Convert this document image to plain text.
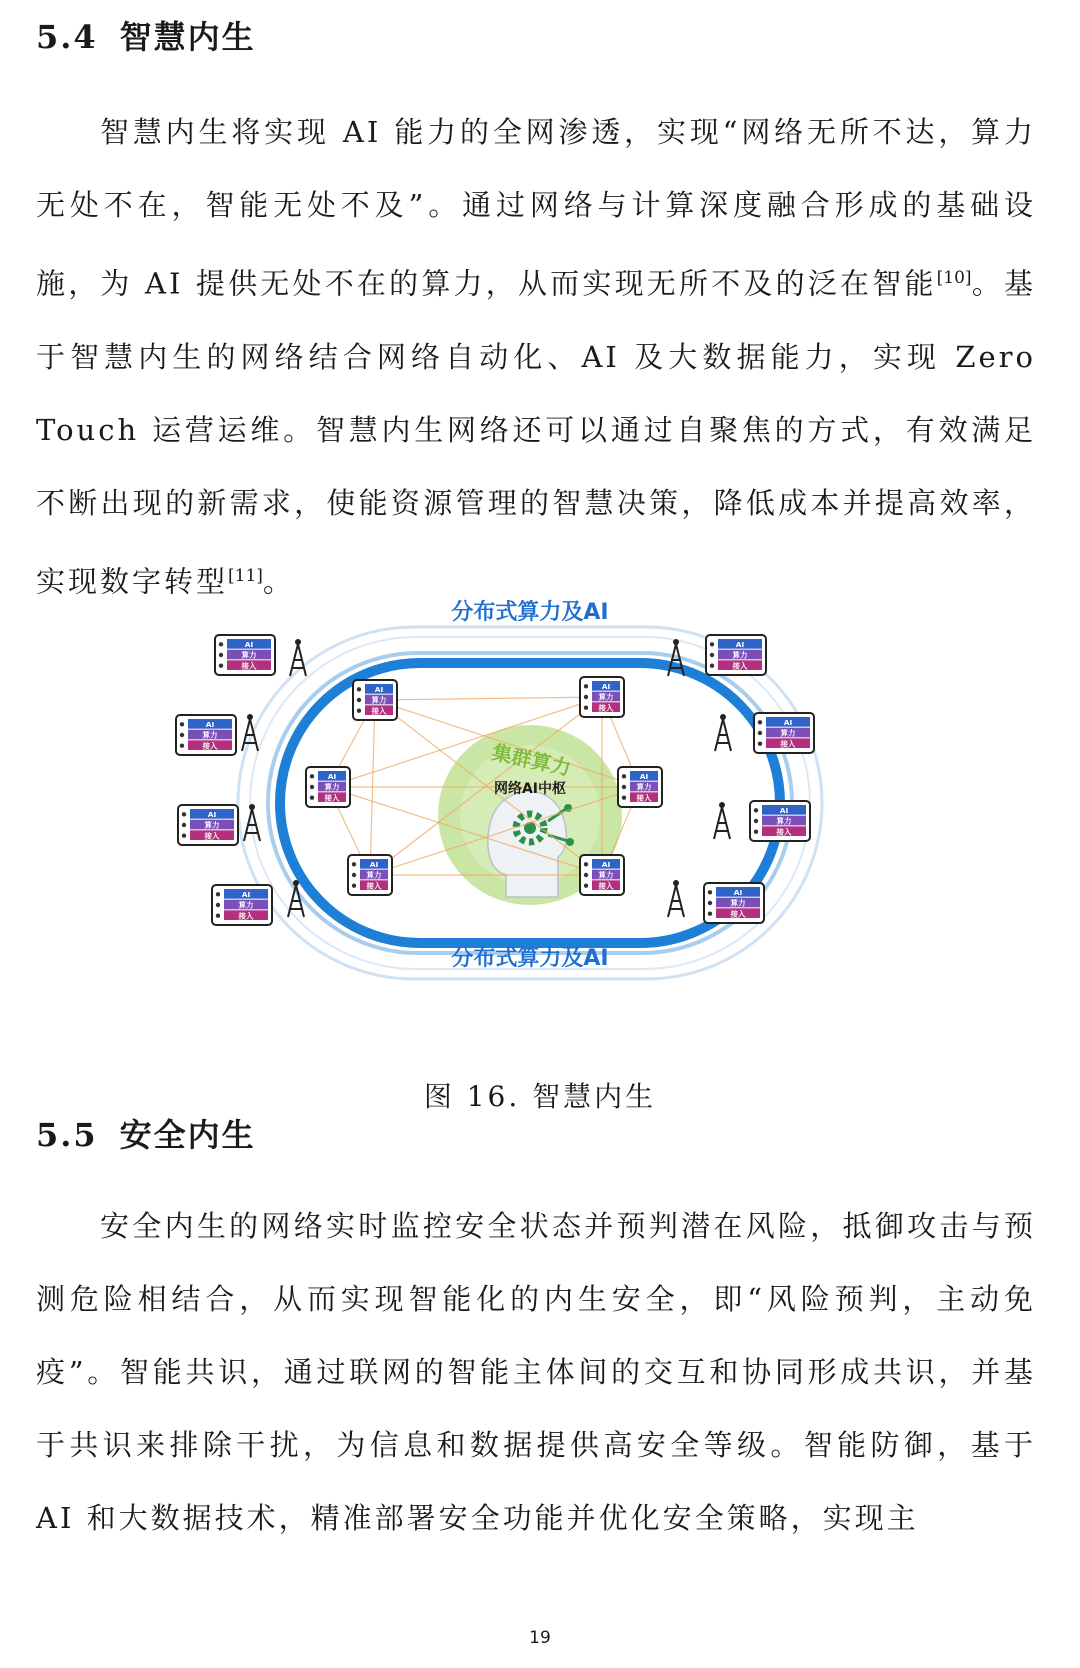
5.4 智慧内生

智慧内生将实现 AI 能力的全网渗透，实现“网络无所不达，算力无处不在，智能无处不及”。通过网络与计算深度融合形成的基础设施，为 AI 提供无处不在的算力，从而实现无所不及的泛在智能[10]。基于智慧内生的网络结合网络自动化、AI 及大数据能力，实现 Zero Touch 运营运维。智慧内生网络还可以通过自聚焦的方式，有效满足不断出现的新需求，使能资源管理的智慧决策，降低成本并提高效率，实现数字转型[11]。

AI
算力
接入
AI
算力
接入
AI
算力
接入
AI
算力
接入
AI
算力
接入
AI
算力
接入
AI
算力
接入
AI
算力
接入
AI
算力
接入
AI
算力
接入
AI
算力
接入
AI
算力
接入
AI
算力
接入
AI
算力
接入
分布式算力及AI
分布式算力及AI
集群算力
网络AI中枢
图 16. 智慧内生
5.5 安全内生

安全内生的网络实时监控安全状态并预判潜在风险，抵御攻击与预测危险相结合，从而实现智能化的内生安全，即“风险预判，主动免疫”。智能共识，通过联网的智能主体间的交互和协同形成共识，并基于共识来排除干扰，为信息和数据提供高安全等级。智能防御，基于 AI 和大数据技术，精准部署安全功能并优化安全策略，实现主

19
